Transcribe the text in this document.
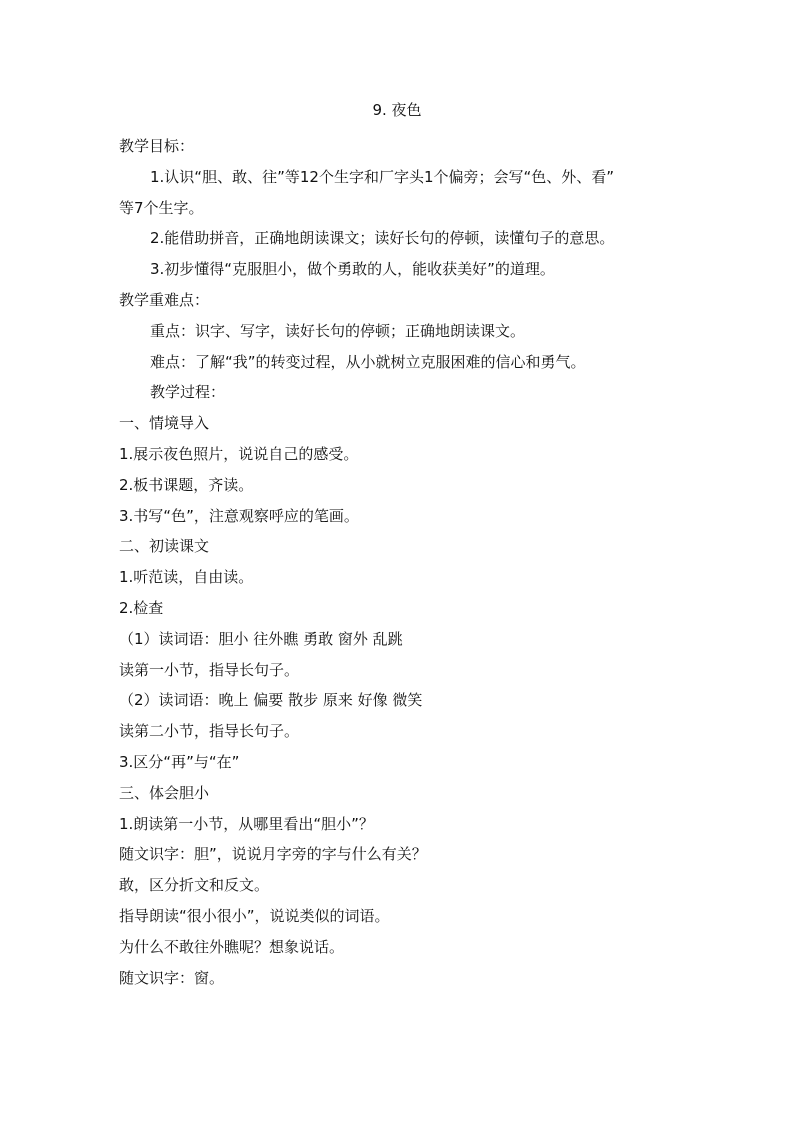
9. 夜色
教学目标：
1.认识“胆、敢、往”等12个生字和厂字头1个偏旁；会写“色、外、看”
等7个生字。
2.能借助拼音，正确地朗读课文；读好长句的停顿，读懂句子的意思。
3.初步懂得“克服胆小，做个勇敢的人，能收获美好”的道理。
教学重难点：
重点：识字、写字，读好长句的停顿；正确地朗读课文。
难点：了解“我”的转变过程，从小就树立克服困难的信心和勇气。
教学过程：
一、情境导入
1.展示夜色照片，说说自己的感受。
2.板书课题，齐读。
3.书写“色”，注意观察呼应的笔画。
二、初读课文
1.听范读，自由读。
2.检查
（1）读词语：胆小 往外瞧 勇敢 窗外 乱跳
读第一小节，指导长句子。
（2）读词语：晚上 偏要 散步 原来 好像 微笑
读第二小节，指导长句子。
3.区分“再”与“在”
三、体会胆小
1.朗读第一小节，从哪里看出“胆小”？
随文识字：胆”，说说月字旁的字与什么有关？
敢，区分折文和反文。
指导朗读“很小很小”，说说类似的词语。
为什么不敢往外瞧呢？想象说话。
随文识字：窗。
